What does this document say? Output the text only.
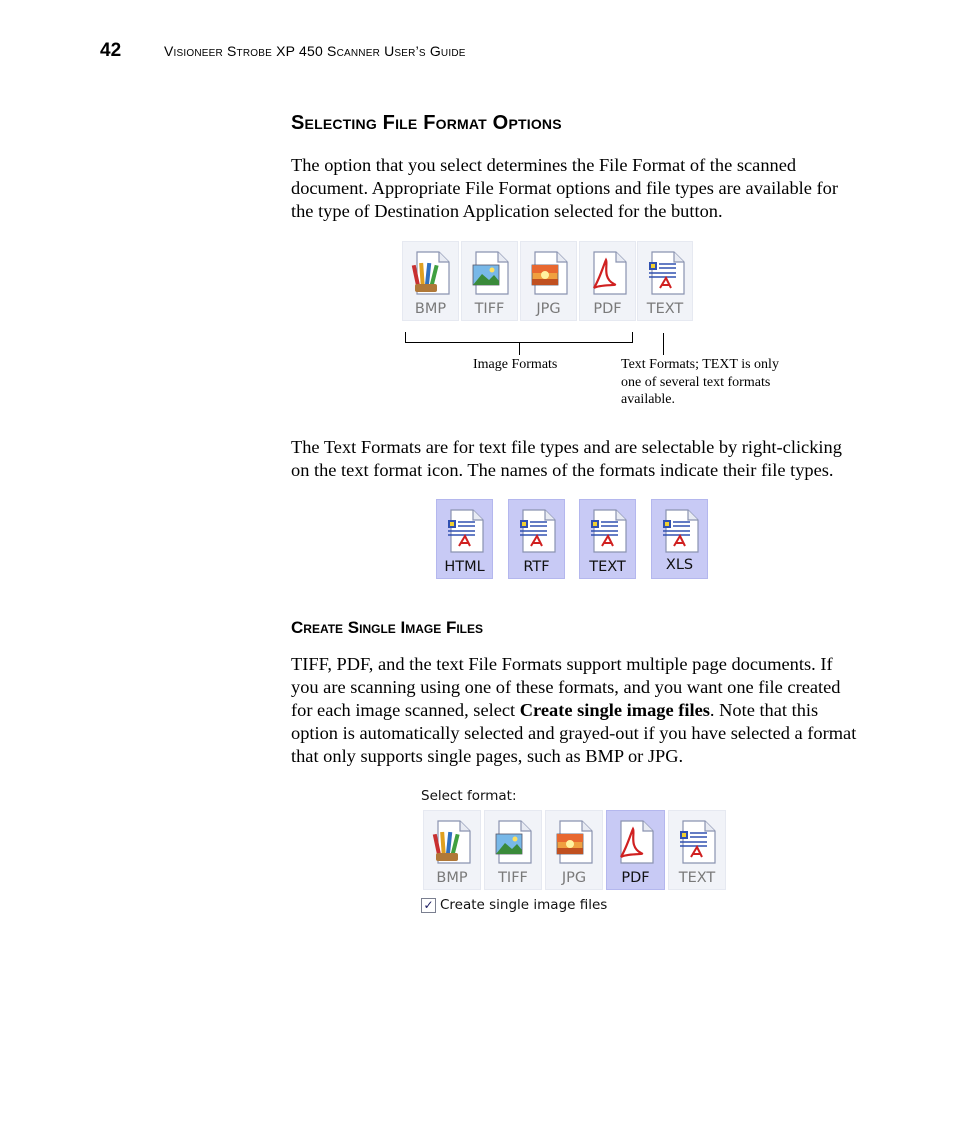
42	Visioneer Strobe XP 450 Scanner User’s Guide
Selecting File Format Options
The option that you select determines the File Format of the scanned document. Appropriate File Format options and file types are available for the type of Destination Application selected for the button.
BMP	TIFF	JPG	PDF	TEXT
Image Formats	Text Formats; TEXT is only one of several text formats available.
The Text Formats are for text file types and are selectable by right-clicking on the text format icon. The names of the formats indicate their file types.
HTML	RTF	TEXT	XLS
Create Single Image Files
TIFF, PDF, and the text File Formats support multiple page documents. If you are scanning using one of these formats, and you want one file created for each image scanned, select Create single image files. Note that this option is automatically selected and grayed-out if you have selected a format that only supports single pages, such as BMP or JPG.
Select format:
BMP	TIFF	JPG	PDF	TEXT
✓ Create single image files
